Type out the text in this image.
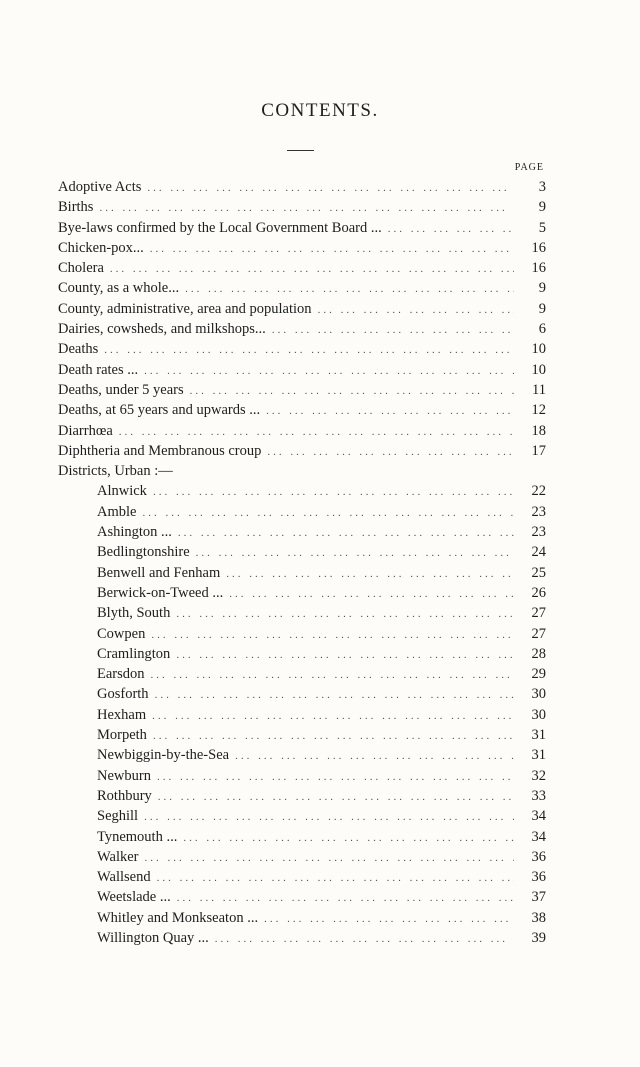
CONTENTS.
PAGE
Adoptive Acts ... .	3
Births ... .	9
Bye-laws confirmed by the Local Government Board ... ... .	5
Chicken-pox... ... .	16
Cholera ... .	16
County, as a whole... ... .	9
County, administrative, area and population ... .	9
Dairies, cowsheds, and milkshops... ... .	6
Deaths ... .	10
Death rates ... ... .	10
Deaths, under 5 years ... .	11
Deaths, at 65 years and upwards ... ... .	12
Diarrhœa ... .	18
Diphtheria and Membranous croup ... .	17
Districts, Urban :—
Alnwick ... .	22
Amble ... .	23
Ashington ... ... .	23
Bedlingtonshire ... .	24
Benwell and Fenham ... .	25
Berwick-on-Tweed ... ... .	26
Blyth, South ... .	27
Cowpen ... .	27
Cramlington ... .	28
Earsdon ... .	29
Gosforth ... .	30
Hexham ... .	30
Morpeth ... .	31
Newbiggin-by-the-Sea ... .	31
Newburn ... .	32
Rothbury ... .	33
Seghill ... .	34
Tynemouth ... ... .	34
Walker ... .	36
Wallsend ... .	36
Weetslade ... ... .	37
Whitley and Monkseaton ... ... .	38
Willington Quay ... ... .	39
